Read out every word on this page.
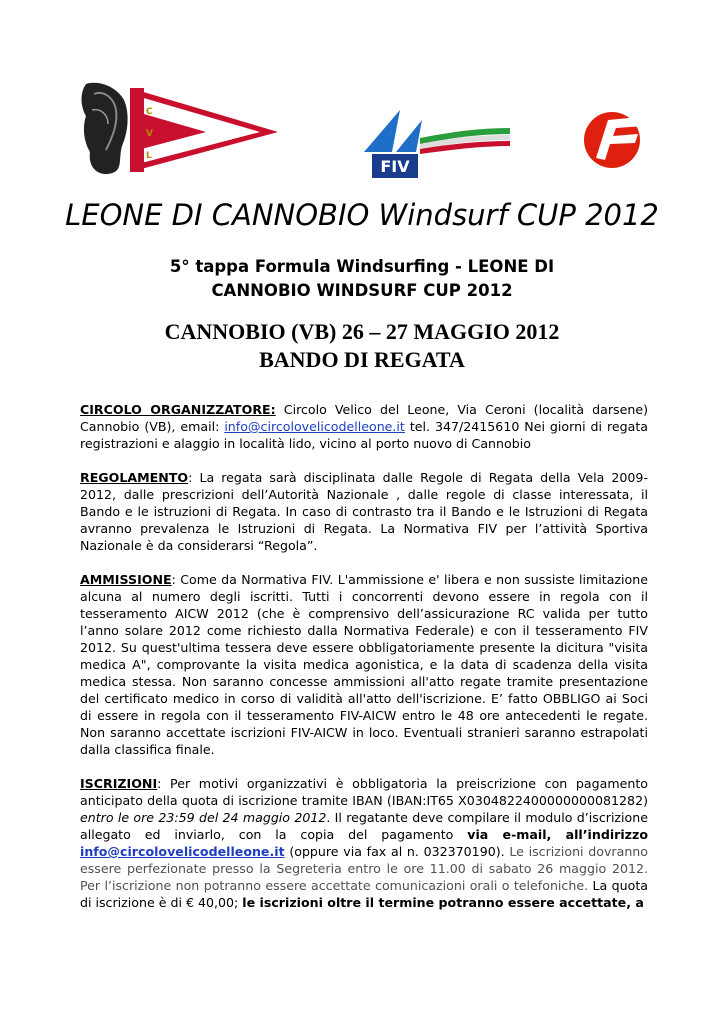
C
V
L
FIV
LEONE DI CANNOBIO Windsurf CUP 2012
5° tappa Formula Windsurfing - LEONE DI
CANNOBIO WINDSURF CUP 2012
CANNOBIO (VB) 26 – 27 MAGGIO 2012
BANDO DI REGATA

CIRCOLO ORGANIZZATORE: Circolo Velico del Leone, Via Ceroni (località darsene) Cannobio (VB), email: info@circolovelicodelleone.it tel. 347/2415610 Nei giorni di regata registrazioni e alaggio in località lido, vicino al porto nuovo di Cannobio

REGOLAMENTO: La regata sarà disciplinata dalle Regole di Regata della Vela 2009-2012, dalle prescrizioni dell’Autorità Nazionale , dalle regole di classe interessata, il Bando e le istruzioni di Regata. In caso di contrasto tra il Bando e le Istruzioni di Regata avranno prevalenza le Istruzioni di Regata. La Normativa FIV per l’attività Sportiva Nazionale è da considerarsi “Regola”.

AMMISSIONE: Come da Normativa FIV. L'ammissione e' libera e non sussiste limitazione alcuna al numero degli iscritti. Tutti i concorrenti devono essere in regola con il tesseramento AICW 2012 (che è comprensivo dell’assicurazione RC valida per tutto l’anno solare 2012 come richiesto dalla Normativa Federale) e con il tesseramento FIV 2012. Su quest'ultima tessera deve essere obbligatoriamente presente la dicitura "visita medica A", comprovante la visita medica agonistica, e la data di scadenza della visita medica stessa. Non saranno concesse ammissioni all'atto regate tramite presentazione del certificato medico in corso di validità all'atto dell'iscrizione. E’ fatto OBBLIGO ai Soci di essere in regola con il tesseramento FIV-AICW entro le 48 ore antecedenti le regate. Non saranno accettate iscrizioni FIV-AICW in loco. Eventuali stranieri saranno estrapolati dalla classifica finale.

ISCRIZIONI: Per motivi organizzativi è obbligatoria la preiscrizione con pagamento anticipato della quota di iscrizione tramite IBAN (IBAN:IT65 X0304822400000000081282) entro le ore 23:59 del 24 maggio 2012. Il regatante deve compilare il modulo d’iscrizione allegato ed inviarlo, con la copia del pagamento via e-mail, all’indirizzo info@circolovelicodelleone.it (oppure via fax al n. 032370190). Le iscrizioni dovranno essere perfezionate presso la Segreteria entro le ore 11.00 di sabato 26 maggio 2012. Per l’iscrizione non potranno essere accettate comunicazioni orali o telefoniche. La quota di iscrizione è di € 40,00; le iscrizioni oltre il termine potranno essere accettate, a
